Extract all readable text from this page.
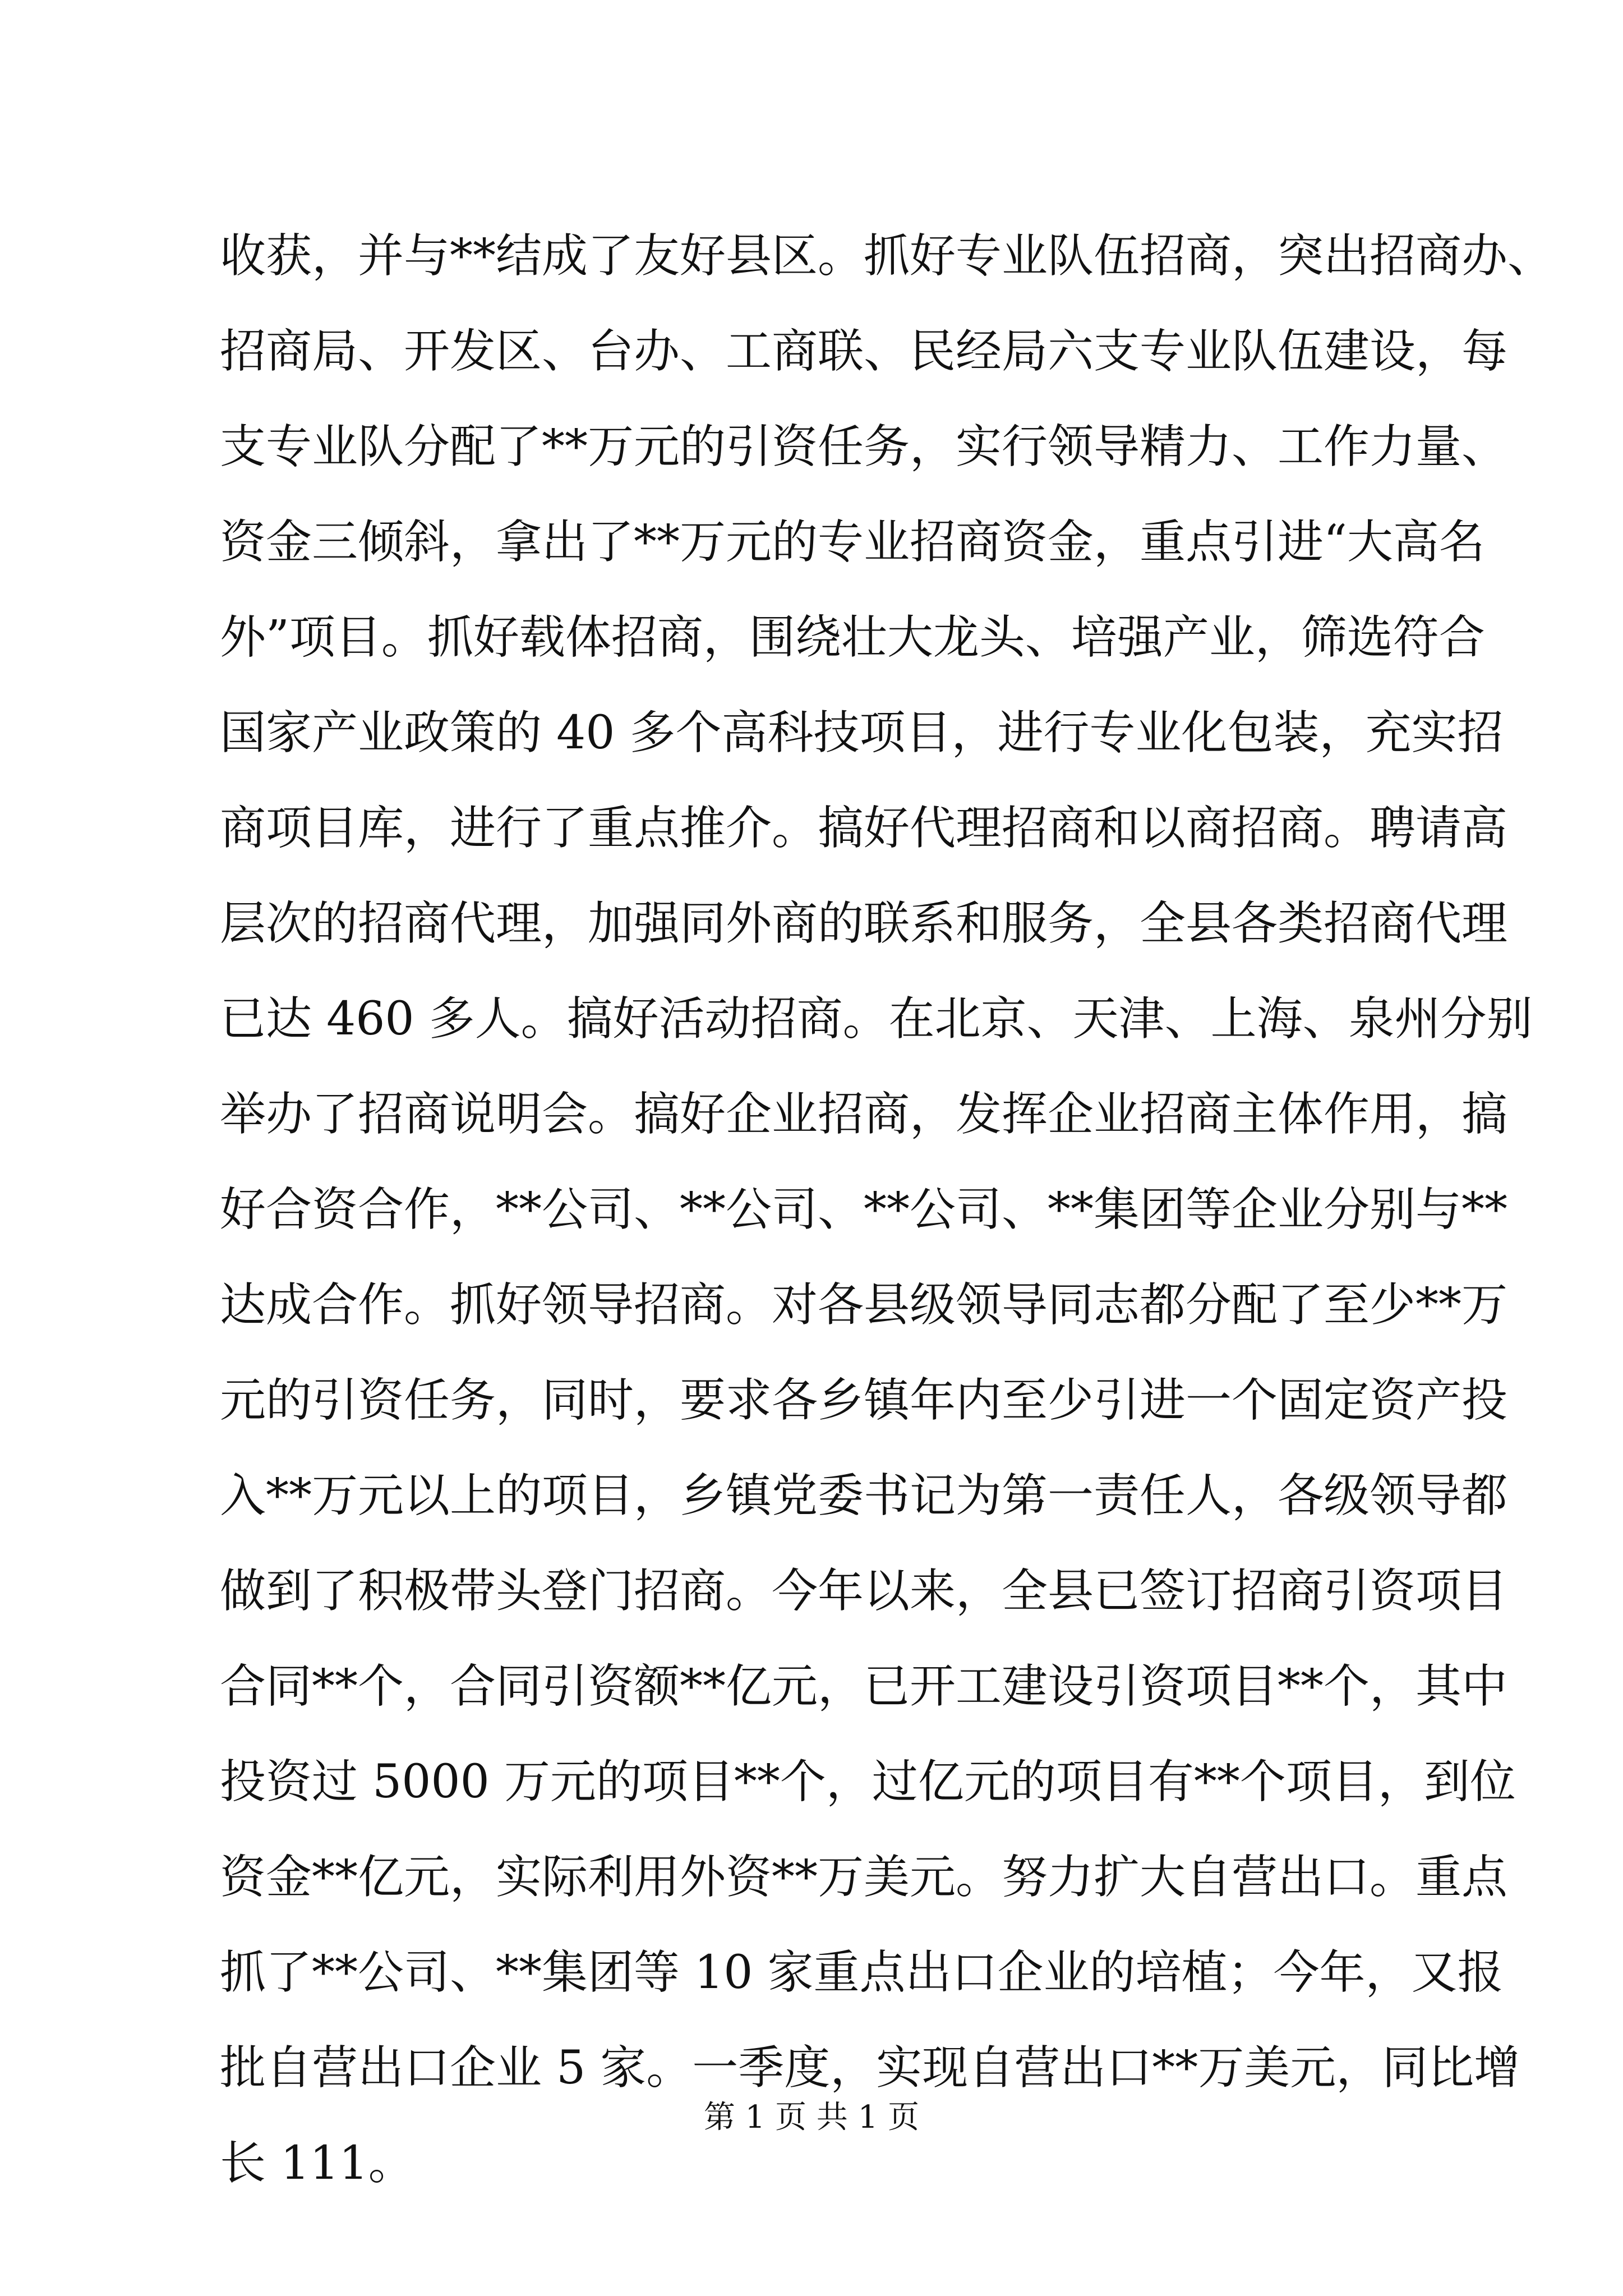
收获，并与**结成了友好县区。抓好专业队伍招商，突出招商办、
招商局、开发区、台办、工商联、民经局六支专业队伍建设，每
支专业队分配了**万元的引资任务，实行领导精力、工作力量、
资金三倾斜，拿出了**万元的专业招商资金，重点引进“大高名
外”项目。抓好载体招商，围绕壮大龙头、培强产业，筛选符合
国家产业政策的 40 多个高科技项目，进行专业化包装，充实招
商项目库，进行了重点推介。搞好代理招商和以商招商。聘请高
层次的招商代理，加强同外商的联系和服务，全县各类招商代理
已达 460 多人。搞好活动招商。在北京、天津、上海、泉州分别
举办了招商说明会。搞好企业招商，发挥企业招商主体作用，搞
好合资合作，**公司、**公司、**公司、**集团等企业分别与**
达成合作。抓好领导招商。对各县级领导同志都分配了至少**万
元的引资任务，同时，要求各乡镇年内至少引进一个固定资产投
入**万元以上的项目，乡镇党委书记为第一责任人，各级领导都
做到了积极带头登门招商。今年以来，全县已签订招商引资项目
合同**个，合同引资额**亿元，已开工建设引资项目**个，其中
投资过 5000 万元的项目**个，过亿元的项目有**个项目，到位
资金**亿元，实际利用外资**万美元。努力扩大自营出口。重点
抓了**公司、**集团等 10 家重点出口企业的培植；今年，又报
批自营出口企业 5 家。一季度，实现自营出口**万美元，同比增
长 111。
第 1 页 共 1 页
